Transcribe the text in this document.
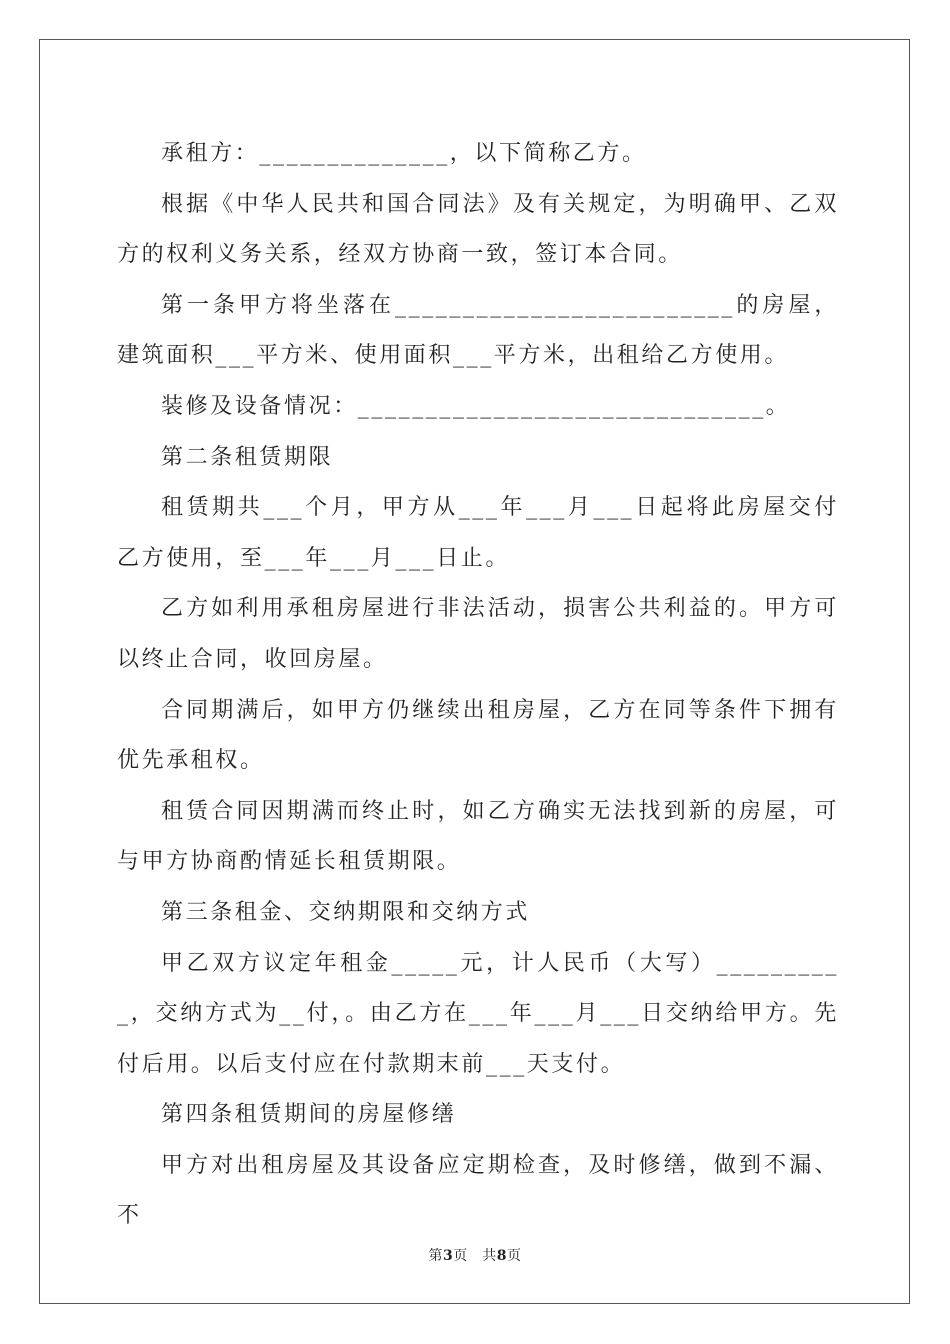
承租方：______________，以下简称乙方。

根据《中华人民共和国合同法》及有关规定，为明确甲、乙双方的权利义务关系，经双方协商一致，签订本合同。

第一条甲方将坐落在_________________________的房屋，建筑面积___平方米、使用面积___平方米，出租给乙方使用。

装修及设备情况：______________________________。

第二条租赁期限

租赁期共___个月，甲方从___年___月___日起将此房屋交付乙方使用，至___年___月___日止。

乙方如利用承租房屋进行非法活动，损害公共利益的。甲方可以终止合同，收回房屋。

合同期满后，如甲方仍继续出租房屋，乙方在同等条件下拥有优先承租权。

租赁合同因期满而终止时，如乙方确实无法找到新的房屋，可与甲方协商酌情延长租赁期限。

第三条租金、交纳期限和交纳方式

甲乙双方议定年租金_____元，计人民币（大写）__________，交纳方式为__付，。由乙方在___年___月___日交纳给甲方。先付后用。以后支付应在付款期末前___天支付。

第四条租赁期间的房屋修缮

甲方对出租房屋及其设备应定期检查，及时修缮，做到不漏、不

第3页　共8页
